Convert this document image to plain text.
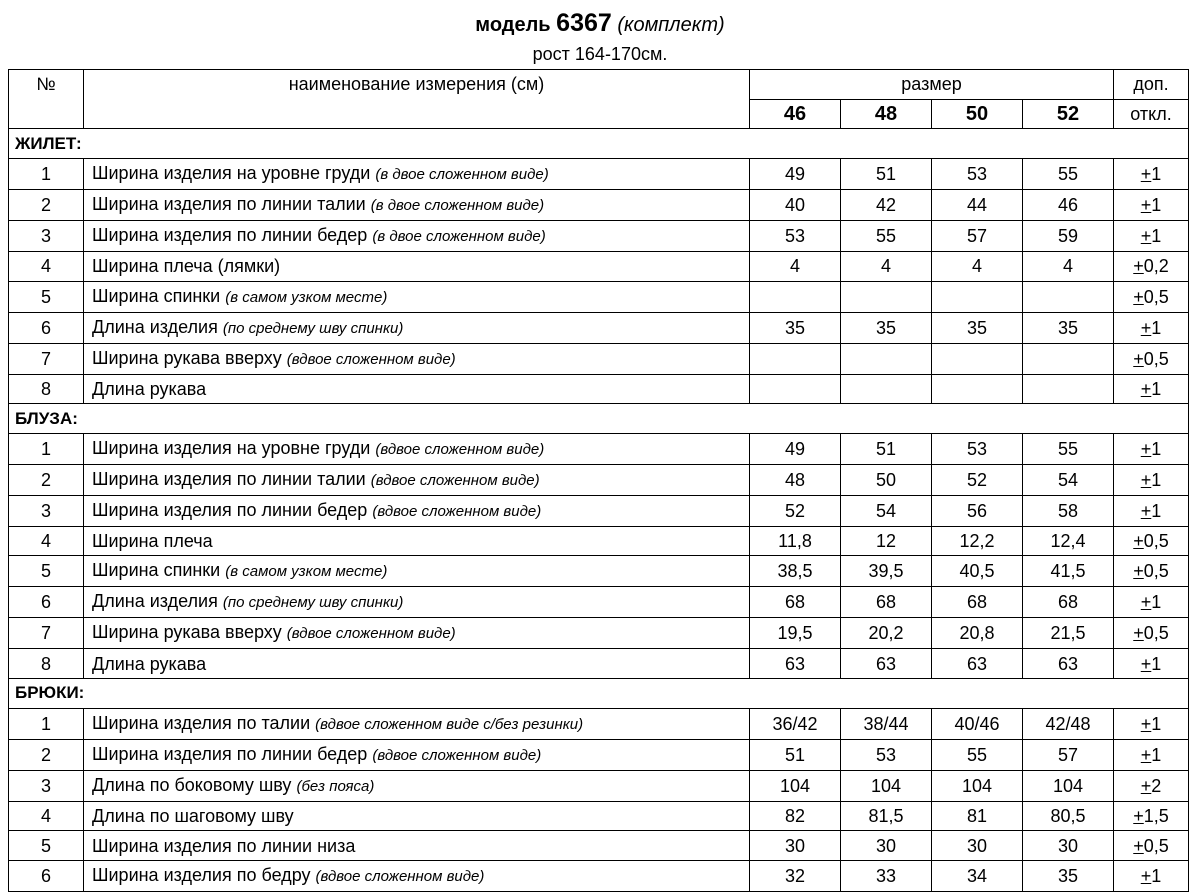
модель 6367 (комплект)
рост 164-170см.
№	наименование измерения (см)	размер				доп.
		46	48	50	52	откл.
ЖИЛЕТ:						
1	Ширина изделия на уровне груди (в двое сложенном виде)	49	51	53	55	+1
2	Ширина изделия по линии талии (в двое сложенном виде)	40	42	44	46	+1
3	Ширина изделия по линии бедер (в двое сложенном виде)	53	55	57	59	+1
4	Ширина плеча (лямки)	4	4	4	4	+0,2
5	Ширина спинки (в самом узком месте)					+0,5
6	Длина изделия (по среднему шву спинки)	35	35	35	35	+1
7	Ширина рукава вверху (вдвое сложенном виде)					+0,5
8	Длина рукава					+1
БЛУЗА:						
1	Ширина изделия на уровне груди (вдвое сложенном виде)	49	51	53	55	+1
2	Ширина изделия по линии талии (вдвое сложенном виде)	48	50	52	54	+1
3	Ширина изделия по линии бедер (вдвое сложенном виде)	52	54	56	58	+1
4	Ширина плеча	11,8	12	12,2	12,4	+0,5
5	Ширина спинки (в самом узком месте)	38,5	39,5	40,5	41,5	+0,5
6	Длина изделия (по среднему шву спинки)	68	68	68	68	+1
7	Ширина рукава вверху (вдвое сложенном виде)	19,5	20,2	20,8	21,5	+0,5
8	Длина рукава	63	63	63	63	+1
БРЮКИ:						
1	Ширина изделия по талии (вдвое сложенном виде с/без резинки)	36/42	38/44	40/46	42/48	+1
2	Ширина изделия по линии бедер (вдвое сложенном виде)	51	53	55	57	+1
3	Длина по боковому шву (без пояса)	104	104	104	104	+2
4	Длина по шаговому шву	82	81,5	81	80,5	+1,5
5	Ширина изделия по линии низа	30	30	30	30	+0,5
6	Ширина изделия по бедру (вдвое сложенном виде)	32	33	34	35	+1
